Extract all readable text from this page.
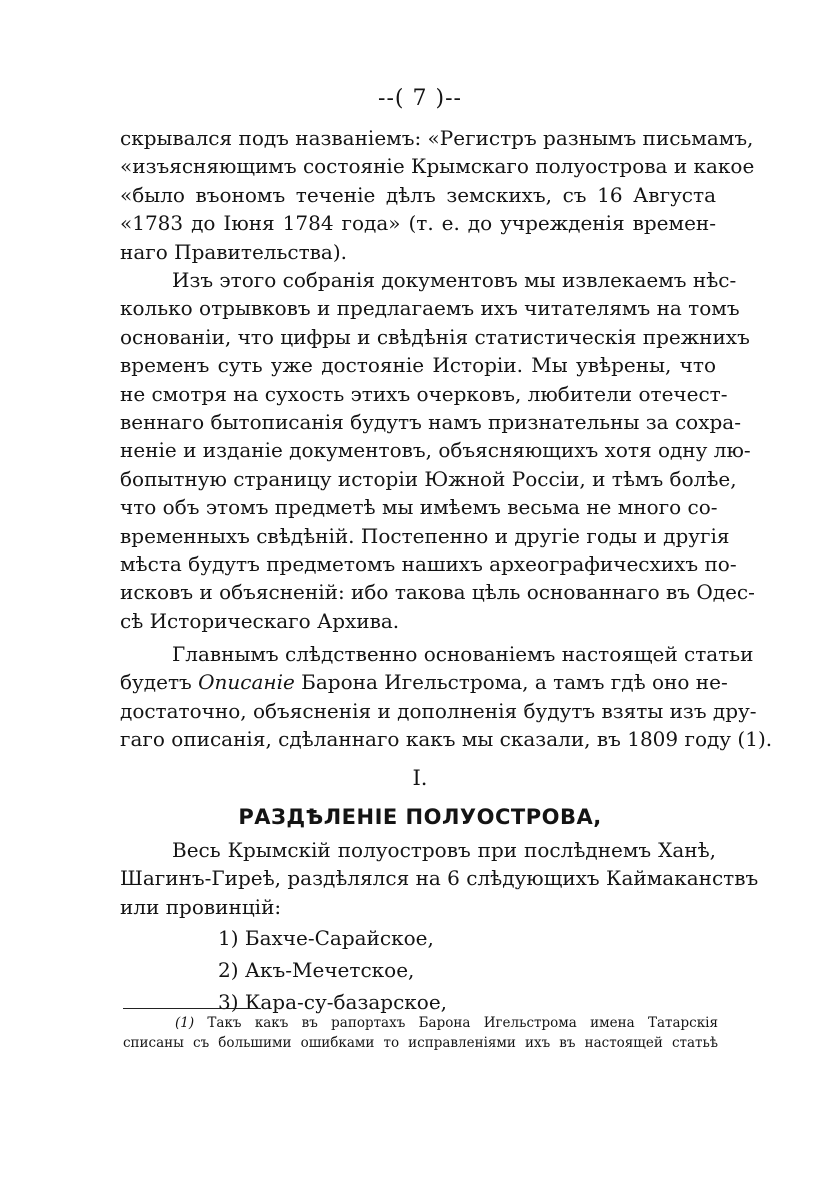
--( 7 )--
скрывался подъ названіемъ: «Регистръ разнымъ письмамъ,
«изъясняющимъ состояніе Крымскаго полуострова и какое
«было въономъ теченіе дѣлъ земскихъ, съ 16 Августа
«1783 до Іюня 1784 года» (т. е. до учрежденія времен-
наго Правительства).
Изъ этого собранія документовъ мы извлекаемъ нѣс-
колько отрывковъ и предлагаемъ ихъ читателямъ на томъ
основаніи, что цифры и свѣдѣнія статистическія прежнихъ
временъ суть уже достояніе Исторіи. Мы увѣрены, что
не смотря на сухость этихъ очерковъ, любители отечест-
веннаго бытописанія будутъ намъ признательны за сохра-
неніе и изданіе документовъ, объясняющихъ хотя одну лю-
бопытную страницу исторіи Южной Россіи, и тѣмъ болѣе,
что объ этомъ предметѣ мы имѣемъ весьма не много со-
временныхъ свѣдѣній. Постепенно и другіе годы и другія
мѣста будутъ предметомъ нашихъ археографичесхихъ по-
исковъ и объясненій: ибо такова цѣль основаннаго въ Одес-
сѣ Историческаго Архива.
Главнымъ слѣдственно основаніемъ настоящей статьи
будетъ Описаніе Барона Игельстрома, а тамъ гдѣ оно не-
достаточно, объясненія и дополненія будутъ взяты изъ дру-
гаго описанія, сдѣланнаго какъ мы сказали, въ 1809 году (1).
I.
РАЗДѢЛЕНІЕ ПОЛУОСТРОВА,
Весь Крымскій полуостровъ при послѣднемъ Ханѣ,
Шагинъ-Гиреѣ, раздѣлялся на 6 слѣдующихъ Каймаканствъ
или провинцій:
1) Бахче-Сарайское,
2) Акъ-Мечетское,
3) Кара-су-базарское,
(1) Такъ какъ въ рапортахъ Барона Игельстрома имена Татарскія
списаны съ большими ошибками то исправленіями ихъ въ настоящей статьѣ
